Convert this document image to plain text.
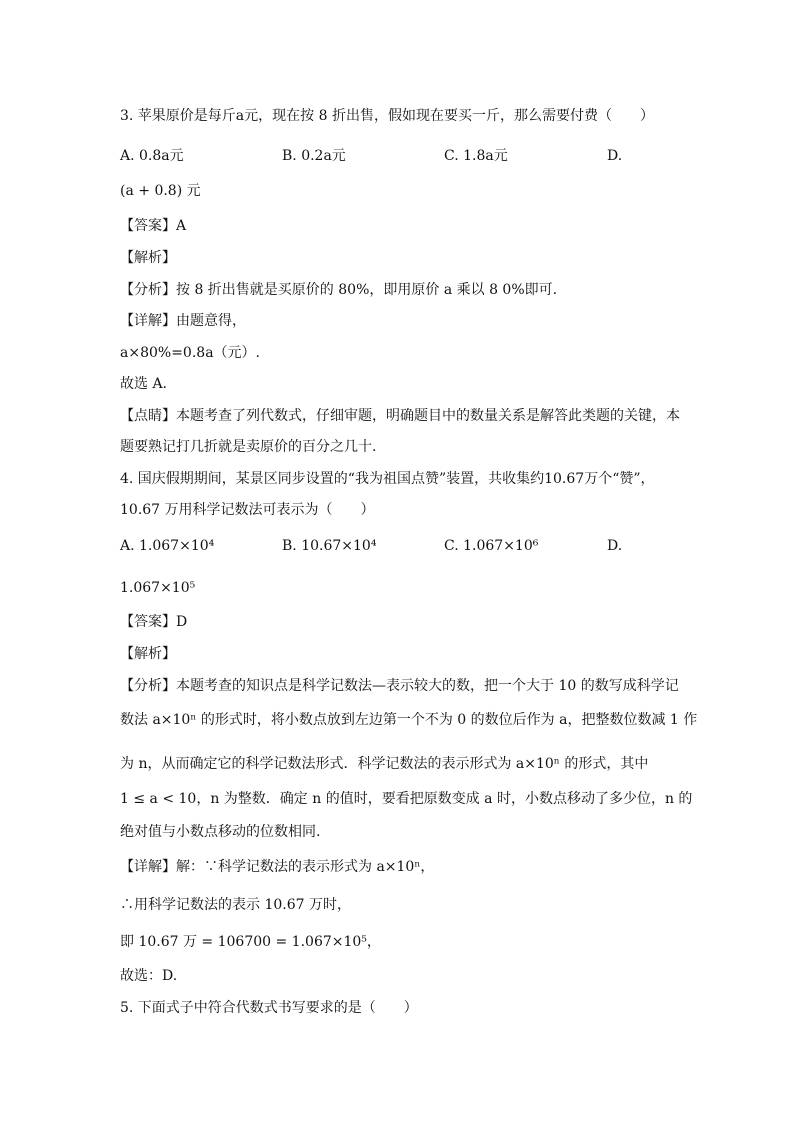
3. 苹果原价是每斤a元，现在按 8 折出售，假如现在要买一斤，那么需要付费（　　）
A. 0.8a元	B. 0.2a元	C. 1.8a元	D.
(a + 0.8) 元
【答案】A
【解析】
【分析】按 8 折出售就是买原价的 80%，即用原价 a 乘以 8 0%即可.
【详解】由题意得，
a×80%=0.8a（元）.
故选 A.
【点睛】本题考查了列代数式，仔细审题，明确题目中的数量关系是解答此类题的关键，本
题要熟记打几折就是卖原价的百分之几十.
4. 国庆假期期间，某景区同步设置的“我为祖国点赞”装置，共收集约10.67万个“赞”，
10.67 万用科学记数法可表示为（　　）
A. 1.067×10⁴	B. 10.67×10⁴	C. 1.067×10⁶	D.
1.067×10⁵
【答案】D
【解析】
【分析】本题考查的知识点是科学记数法—表示较大的数，把一个大于 10 的数写成科学记
数法 a×10ⁿ 的形式时，将小数点放到左边第一个不为 0 的数位后作为 a，把整数位数减 1 作
为 n，从而确定它的科学记数法形式．科学记数法的表示形式为 a×10ⁿ 的形式，其中
1 ≤ a < 10，n 为整数．确定 n 的值时，要看把原数变成 a 时，小数点移动了多少位，n 的
绝对值与小数点移动的位数相同.
【详解】解：∵科学记数法的表示形式为 a×10ⁿ，
∴用科学记数法的表示 10.67 万时，
即 10.67 万 = 106700 = 1.067×10⁵，
故选：D.
5. 下面式子中符合代数式书写要求的是（　　）
